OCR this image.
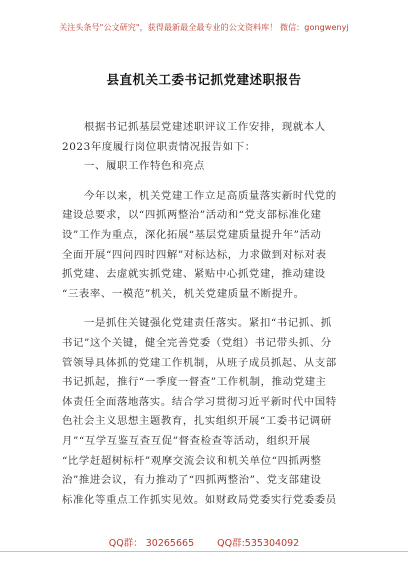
关注头条号"公文研究"，获得最新最全最专业的公文资料库！ 微信：gongwenyj
县直机关工委书记抓党建述职报告
根据书记抓基层党建述职评议工作安排，现就本人
2023年度履行岗位职责情况报告如下：
一、履职工作特色和亮点
今年以来，机关党建工作立足高质量落实新时代党的
建设总要求，以“四抓两整治”活动和“党支部标准化建
设”工作为重点，深化拓展“基层党建质量提升年”活动
全面开展“四问四时四解”对标达标，力求做到对标对表
抓党建、去虚就实抓党建、紧贴中心抓党建，推动建设
“三表率、一模范”机关，机关党建质量不断提升。
一是抓住关键强化党建责任落实。紧扣“书记抓、抓
书记”这个关键，健全完善党委（党组）书记带头抓、分
管领导具体抓的党建工作机制，从班子成员抓起、从支部
书记抓起，推行“一季度一督查”工作机制，推动党建主
体责任全面落地落实。结合学习贯彻习近平新时代中国特
色社会主义思想主题教育，扎实组织开展“工委书记调研
月”“互学互鉴互查互促”督查检查等活动，组织开展
“比学赶超树标杆”观摩交流会议和机关单位“四抓两整
治”推进会议，有力推动了“四抓两整治”、党支部建设
标准化等重点工作抓实见效。如财政局党委实行党委委员
QQ群： 30265665 QQ群:535304092
